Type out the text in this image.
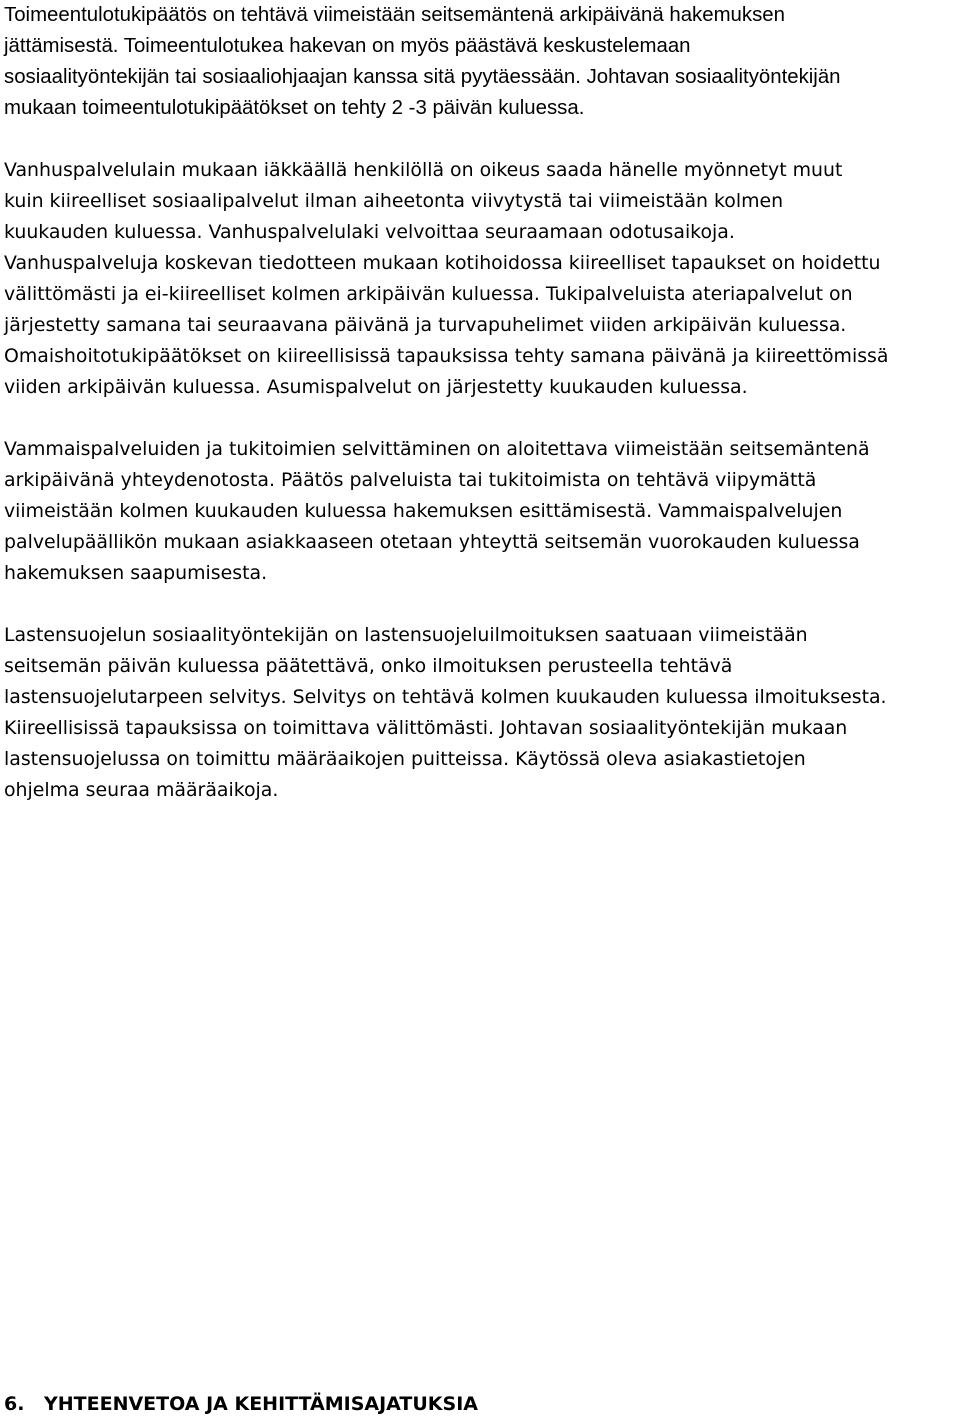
Toimeentulotukipäätös on tehtävä viimeistään seitsemäntenä arkipäivänä hakemuksen
jättämisestä. Toimeentulotukea hakevan on myös päästävä keskustelemaan
sosiaalityöntekijän tai sosiaaliohjaajan kanssa sitä pyytäessään. Johtavan sosiaalityöntekijän
mukaan toimeentulotukipäätökset on tehty 2 -3 päivän kuluessa.
Vanhuspalvelulain mukaan iäkkäällä henkilöllä on oikeus saada hänelle myönnetyt muut
kuin kiireelliset sosiaalipalvelut ilman aiheetonta viivytystä tai viimeistään kolmen
kuukauden kuluessa. Vanhuspalvelulaki velvoittaa seuraamaan odotusaikoja.
Vanhuspalveluja koskevan tiedotteen mukaan kotihoidossa kiireelliset tapaukset on hoidettu
välittömästi ja ei-kiireelliset kolmen arkipäivän kuluessa. Tukipalveluista ateriapalvelut on
järjestetty samana tai seuraavana päivänä ja turvapuhelimet viiden arkipäivän kuluessa.
Omaishoitotukipäätökset on kiireellisissä tapauksissa tehty samana päivänä ja kiireettömissä
viiden arkipäivän kuluessa. Asumispalvelut on järjestetty kuukauden kuluessa.
Vammaispalveluiden ja tukitoimien selvittäminen on aloitettava viimeistään seitsemäntenä
arkipäivänä yhteydenotosta. Päätös palveluista tai tukitoimista on tehtävä viipymättä
viimeistään kolmen kuukauden kuluessa hakemuksen esittämisestä. Vammaispalvelujen
palvelupäällikön mukaan asiakkaaseen otetaan yhteyttä seitsemän vuorokauden kuluessa
hakemuksen saapumisesta.
Lastensuojelun sosiaalityöntekijän on lastensuojeluilmoituksen saatuaan viimeistään
seitsemän päivän kuluessa päätettävä, onko ilmoituksen perusteella tehtävä
lastensuojelutarpeen selvitys. Selvitys on tehtävä kolmen kuukauden kuluessa ilmoituksesta.
Kiireellisissä tapauksissa on toimittava välittömästi. Johtavan sosiaalityöntekijän mukaan
lastensuojelussa on toimittu määräaikojen puitteissa. Käytössä oleva asiakastietojen
ohjelma seuraa määräaikoja.
6. YHTEENVETOA JA KEHITTÄMISAJATUKSIA
